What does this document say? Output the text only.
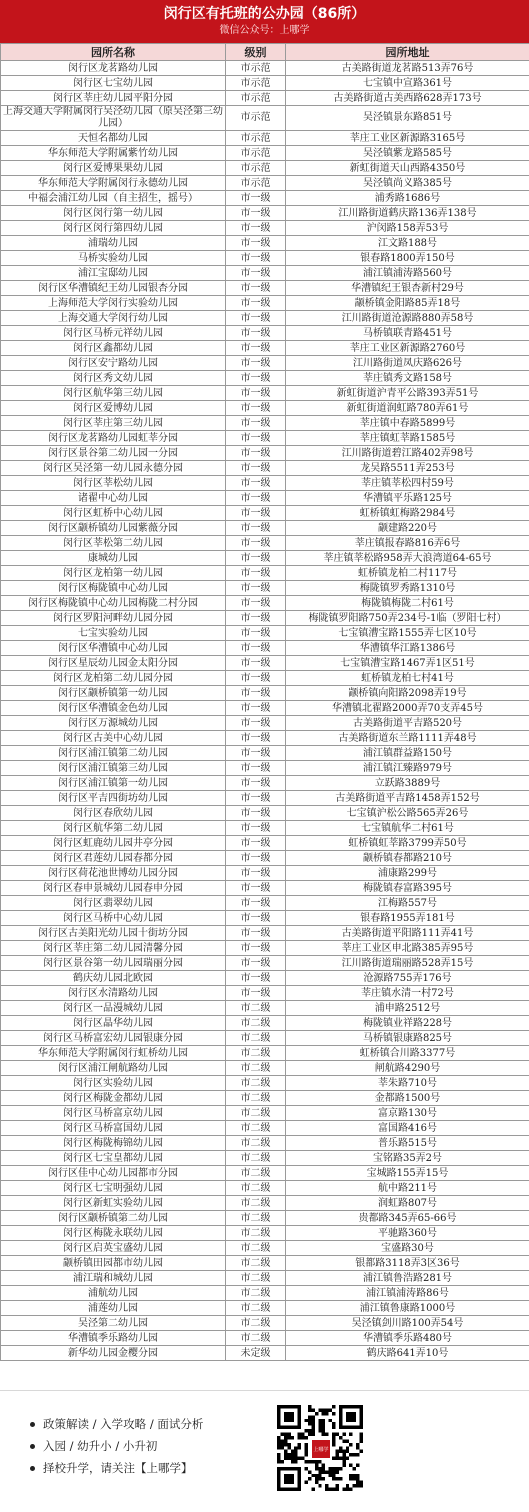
闵行区有托班的公办园（86所）
微信公众号：上哪学
园所名称	级别	园所地址
闵行区龙茗路幼儿园	市示范	古美路街道龙茗路513弄76号
闵行区七宝幼儿园	市示范	七宝镇中宣路361号
闵行区莘庄幼儿园平阳分园	市示范	古美路街道古美西路628弄173号
上海交通大学附属闵行吴泾幼儿园（原吴泾第三幼儿园）	市示范	吴泾镇景东路851号
天恒名都幼儿园	市示范	莘庄工业区新源路3165号
华东师范大学附属紫竹幼儿园	市示范	吴泾镇紫龙路585号
闵行区爱博果果幼儿园	市示范	新虹街道天山西路4350号
华东师范大学附属闵行永德幼儿园	市示范	吴泾镇尚义路385号
中福会浦江幼儿园（自主招生，摇号）	市一级	浦秀路1686号
闵行区闵行第一幼儿园	市一级	江川路街道鹤庆路136弄138号
闵行区闵行第四幼儿园	市一级	沪闵路158弄53号
浦瑞幼儿园	市一级	江文路188号
马桥实验幼儿园	市一级	银春路1800弄150号
浦江宝邸幼儿园	市一级	浦江镇浦涛路560号
闵行区华漕镇纪王幼儿园银杏分园	市一级	华漕镇纪王银杏新村29号
上海师范大学闵行实验幼儿园	市一级	颛桥镇金阳路85弄18号
上海交通大学闵行幼儿园	市一级	江川路街道沧源路880弄58号
闵行区马桥元祥幼儿园	市一级	马桥镇联青路451号
闵行区鑫都幼儿园	市一级	莘庄工业区新源路2760号
闵行区安宁路幼儿园	市一级	江川路街道凤庆路626号
闵行区秀文幼儿园	市一级	莘庄镇秀文路158号
闵行区航华第三幼儿园	市一级	新虹街道沪青平公路393弄51号
闵行区爱博幼儿园	市一级	新虹街道润虹路780弄61号
闵行区莘庄第三幼儿园	市一级	莘庄镇中春路5899号
闵行区龙茗路幼儿园虹莘分园	市一级	莘庄镇虹莘路1585号
闵行区景谷第二幼儿园一分园	市一级	江川路街道碧江路402弄98号
闵行区吴泾第一幼儿园永德分园	市一级	龙吴路5511弄253号
闵行区莘松幼儿园	市一级	莘庄镇莘松四村59号
诸翟中心幼儿园	市一级	华漕镇平乐路125号
闵行区虹桥中心幼儿园	市一级	虹桥镇虹梅路2984号
闵行区颛桥镇幼儿园紫薇分园	市一级	颛建路220号
闵行区莘松第二幼儿园	市一级	莘庄镇报春路816弄6号
康城幼儿园	市一级	莘庄镇莘松路958弄大浪湾道64-65号
闵行区龙柏第一幼儿园	市一级	虹桥镇龙柏二村117号
闵行区梅陇镇中心幼儿园	市一级	梅陇镇罗秀路1310号
闵行区梅陇镇中心幼儿园梅陇二村分园	市一级	梅陇镇梅陇二村61号
闵行区罗阳河畔幼儿园分园	市一级	梅陇镇罗阳路750弄234号-1临（罗阳七村）
七宝实验幼儿园	市一级	七宝镇漕宝路1555弄七区10号
闵行区华漕镇中心幼儿园	市一级	华漕镇华江路1386号
闵行区星辰幼儿园金太阳分园	市一级	七宝镇漕宝路1467弄1区51号
闵行区龙柏第二幼儿园分园	市一级	虹桥镇龙柏七村41号
闵行区颛桥镇第一幼儿园	市一级	颛桥镇向阳路2098弄19号
闵行区华漕镇金色幼儿园	市一级	华漕镇北翟路2000弄70支弄45号
闵行区万源城幼儿园	市一级	古美路街道平吉路520号
闵行区古美中心幼儿园	市一级	古美路街道东兰路1111弄48号
闵行区浦江镇第二幼儿园	市一级	浦江镇群益路150号
闵行区浦江镇第三幼儿园	市一级	浦江镇江臻路979号
闵行区浦江镇第一幼儿园	市一级	立跃路3889号
闵行区平吉四街坊幼儿园	市一级	古美路街道平吉路1458弄152号
闵行区春欣幼儿园	市一级	七宝镇沪松公路565弄26号
闵行区航华第二幼儿园	市一级	七宝镇航华二村61号
闵行区虹鹿幼儿园井亭分园	市一级	虹桥镇虹莘路3799弄50号
闵行区君莲幼儿园春都分园	市一级	颛桥镇春都路210号
闵行区荷花池世博幼儿园分园	市一级	浦康路299号
闵行区春申景城幼儿园春申分园	市一级	梅陇镇春富路395号
闵行区翡翠幼儿园	市一级	江梅路557号
闵行区马桥中心幼儿园	市一级	银春路1955弄181号
闵行区古美阳光幼儿园十街坊分园	市一级	古美路街道平阳路111弄41号
闵行区莘庄第二幼儿园清馨分园	市一级	莘庄工业区申北路385弄95号
闵行区景谷第一幼儿园瑞丽分园	市一级	江川路街道瑞丽路528弄15号
鹤庆幼儿园北欧园	市一级	沧源路755弄176号
闵行区水清路幼儿园	市一级	莘庄镇水清一村72号
闵行区一品漫城幼儿园	市二级	浦申路2512号
闵行区晶华幼儿园	市二级	梅陇镇业祥路228号
闵行区马桥富宏幼儿园银康分园	市二级	马桥镇银康路825号
华东师范大学附属闵行虹桥幼儿园	市二级	虹桥镇合川路3377号
闵行区浦江闸航路幼儿园	市二级	闸航路4290号
闵行区实验幼儿园	市二级	莘朱路710号
闵行区梅陇金都幼儿园	市二级	金都路1500号
闵行区马桥富京幼儿园	市二级	富京路130号
闵行区马桥富国幼儿园	市二级	富国路416号
闵行区梅陇梅锦幼儿园	市二级	普乐路515号
闵行区七宝皇都幼儿园	市二级	宝铭路35弄2号
闵行区佳中心幼儿园都市分园	市二级	宝城路155弄15号
闵行区七宝明强幼儿园	市二级	航中路211号
闵行区新虹实验幼儿园	市二级	润虹路807号
闵行区颛桥镇第二幼儿园	市二级	贵都路345弄65-66号
闵行区梅陇永联幼儿园	市二级	平驰路360号
闵行区启英宝盛幼儿园	市二级	宝盛路30号
颛桥镇田园都市幼儿园	市二级	银都路3118弄3区36号
浦江瑞和城幼儿园	市二级	浦江镇鲁浩路281号
浦航幼儿园	市二级	浦江镇浦涛路86号
浦莲幼儿园	市二级	浦江镇鲁康路1000号
吴泾第二幼儿园	市二级	吴泾镇剑川路100弄54号
华漕镇季乐路幼儿园	市二级	华漕镇季乐路480号
新华幼儿园金樱分园	未定级	鹤庆路641弄10号
政策解读 / 入学攻略 / 面试分析
入园 / 幼升小 / 小升初
择校升学，请关注【上哪学】
上哪学
